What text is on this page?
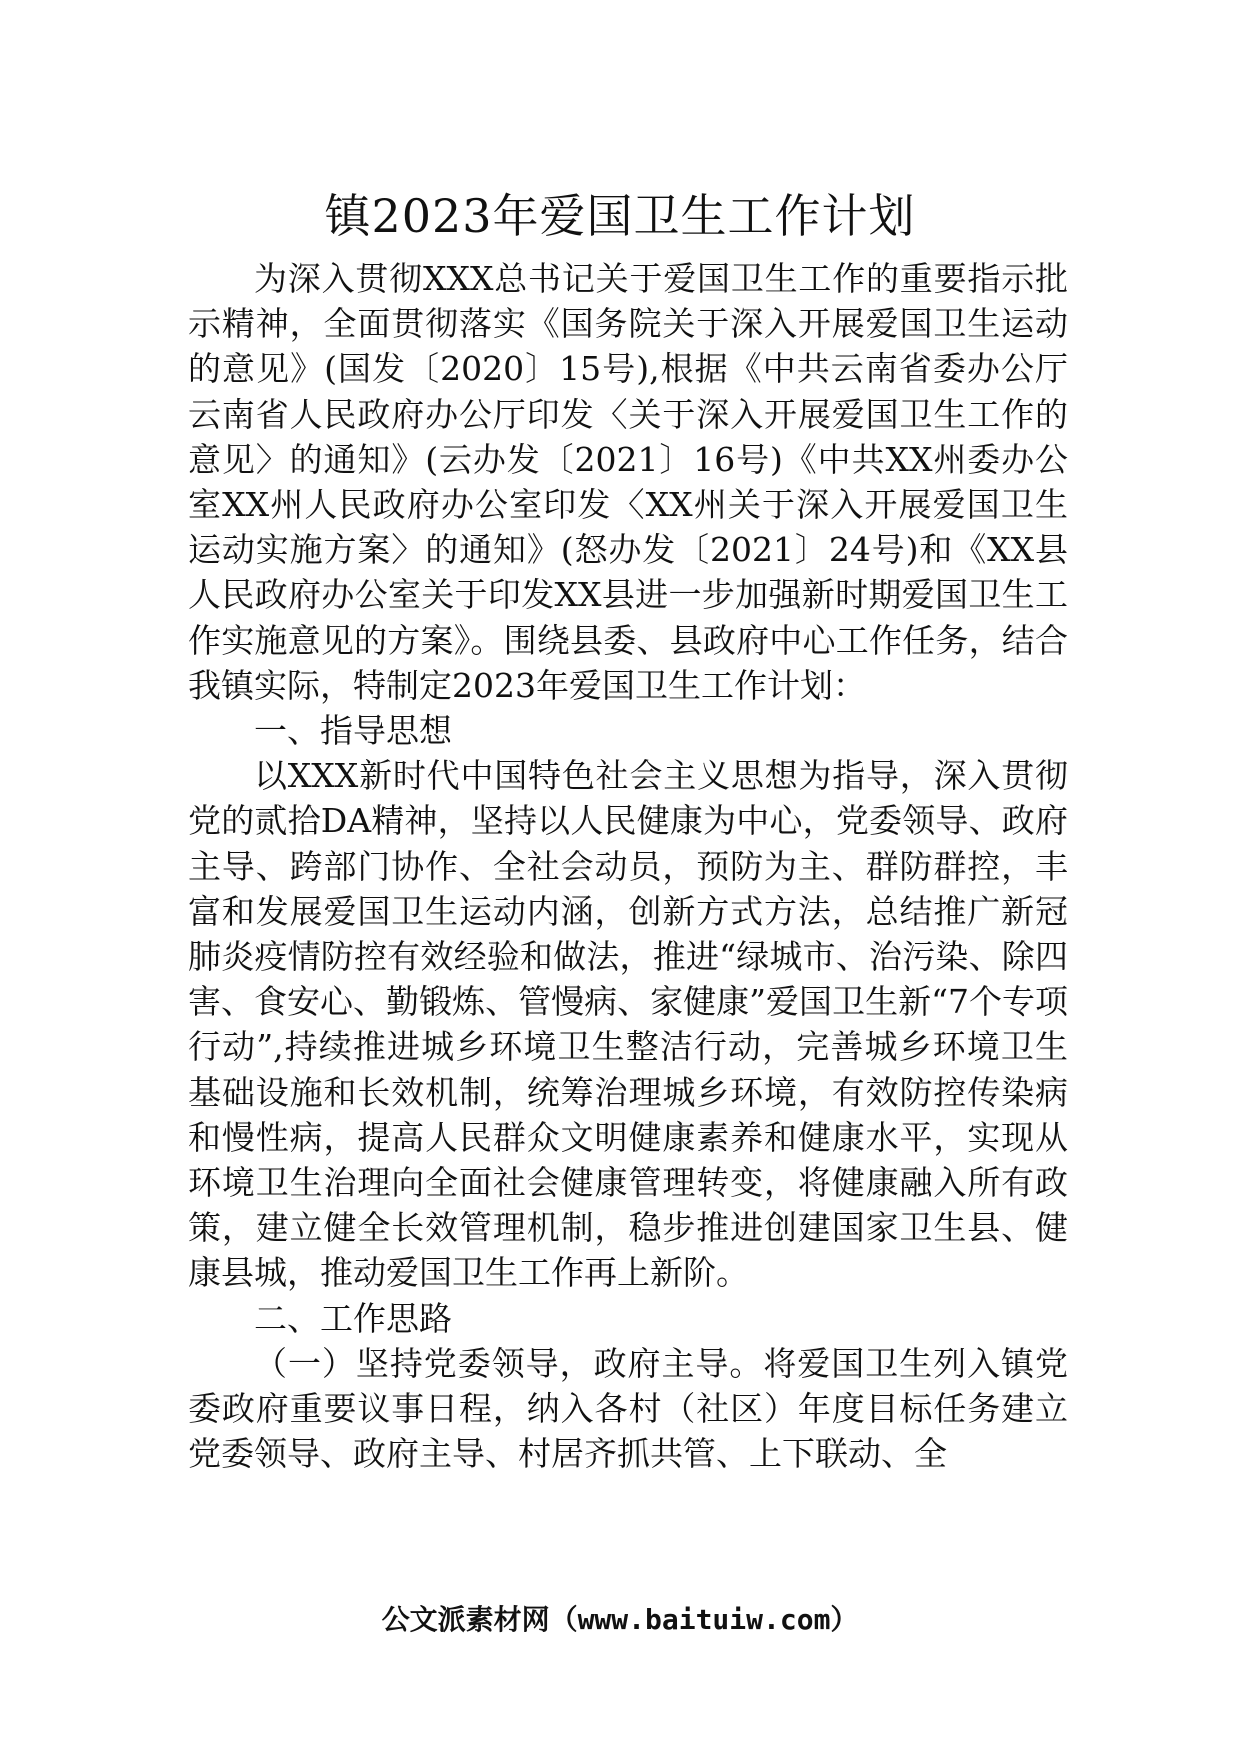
镇2023年爱国卫生工作计划

为深入贯彻XXX总书记关于爱国卫生工作的重要指示批示精神，全面贯彻落实《国务院关于深入开展爱国卫生运动的意见》(国发〔2020〕15号),根据《中共云南省委办公厅云南省人民政府办公厅印发〈关于深入开展爱国卫生工作的意见〉的通知》(云办发〔2021〕16号)《中共XX州委办公室XX州人民政府办公室印发〈XX州关于深入开展爱国卫生运动实施方案〉的通知》(怒办发〔2021〕24号)和《XX县人民政府办公室关于印发XX县进一步加强新时期爱国卫生工作实施意见的方案》。围绕县委、县政府中心工作任务，结合我镇实际，特制定2023年爱国卫生工作计划：

一、指导思想

以XXX新时代中国特色社会主义思想为指导，深入贯彻党的贰拾DA精神，坚持以人民健康为中心，党委领导、政府主导、跨部门协作、全社会动员，预防为主、群防群控，丰富和发展爱国卫生运动内涵，创新方式方法，总结推广新冠肺炎疫情防控有效经验和做法，推进“绿城市、治污染、除四害、食安心、勤锻炼、管慢病、家健康”爱国卫生新“7个专项行动”,持续推进城乡环境卫生整洁行动，完善城乡环境卫生基础设施和长效机制，统筹治理城乡环境，有效防控传染病和慢性病，提高人民群众文明健康素养和健康水平，实现从环境卫生治理向全面社会健康管理转变，将健康融入所有政策，建立健全长效管理机制，稳步推进创建国家卫生县、健康县城，推动爱国卫生工作再上新阶。

二、工作思路

（一）坚持党委领导，政府主导。将爱国卫生列入镇党委政府重要议事日程，纳入各村（社区）年度目标任务建立党委领导、政府主导、村居齐抓共管、上下联动、全

公文派素材网（www.baituiw.com）
